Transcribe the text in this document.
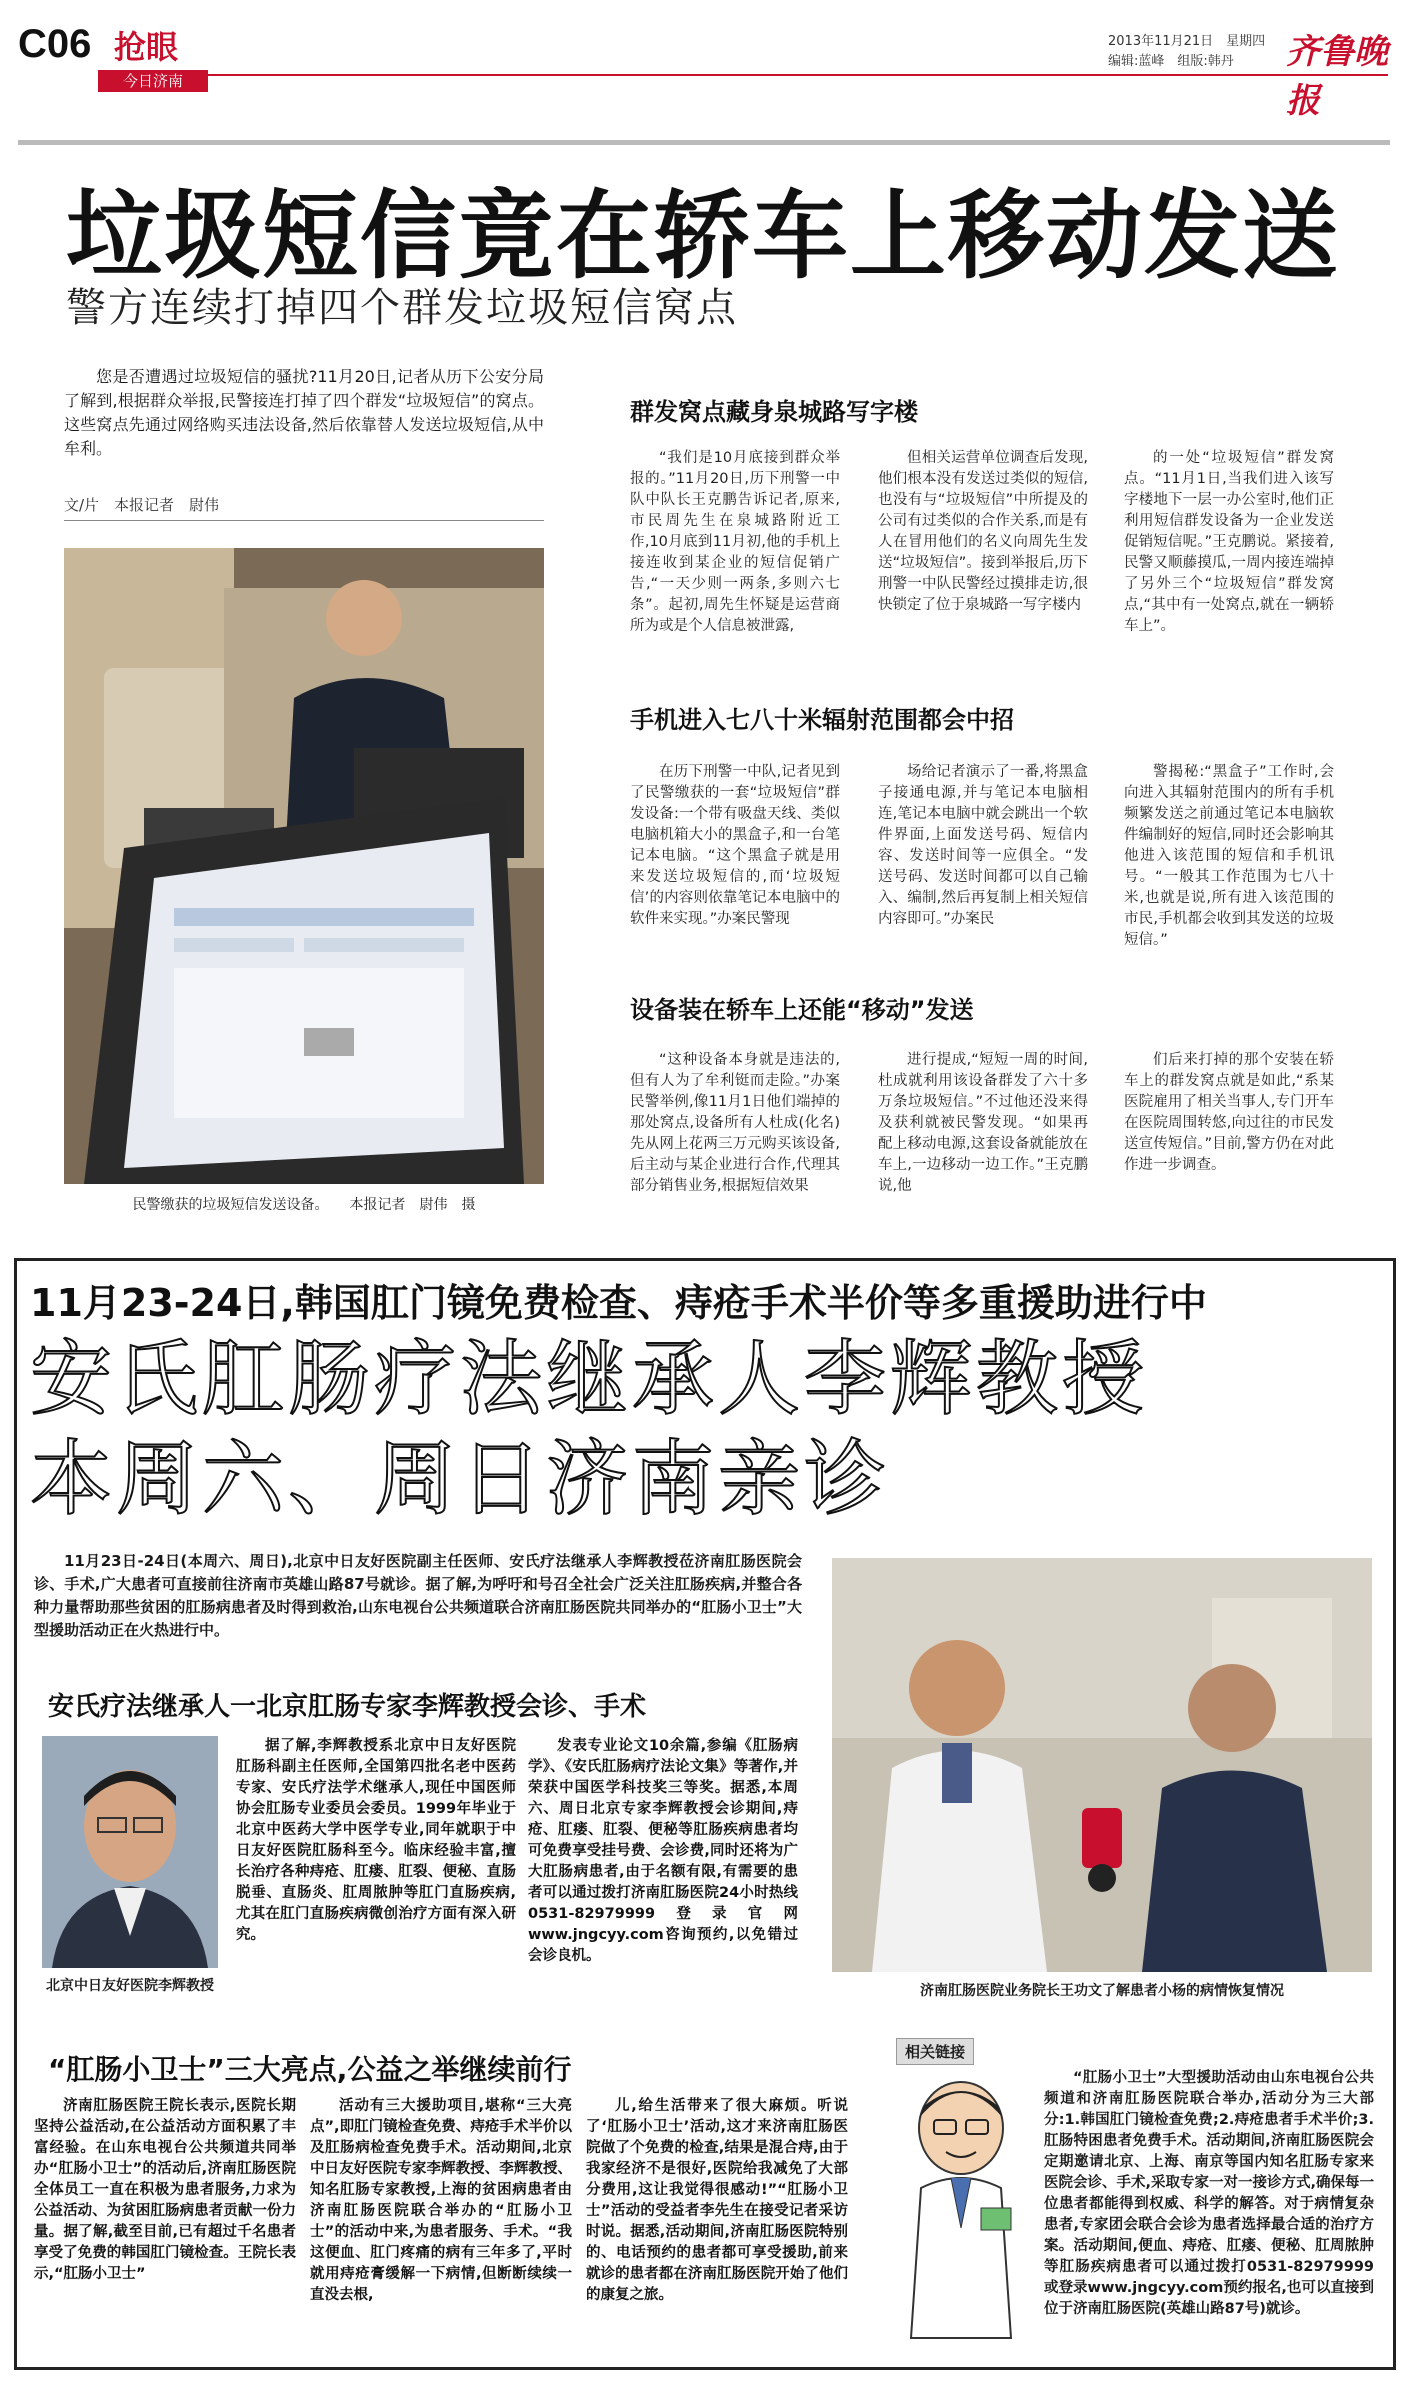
C06 抢眼	2013年11月21日　星期四
编辑:蓝峰　组版:韩丹	齐鲁晚报
今日济南
垃圾短信竟在轿车上移动发送
警方连续打掉四个群发垃圾短信窝点
您是否遭遇过垃圾短信的骚扰?11月20日,记者从历下公安分局了解到,根据群众举报,民警接连打掉了四个群发“垃圾短信”的窝点。这些窝点先通过网络购买违法设备,然后依靠替人发送垃圾短信,从中牟利。
文/片　本报记者　尉伟
民警缴获的垃圾短信发送设备。　　本报记者　尉伟　摄
群发窝点藏身泉城路写字楼

“我们是10月底接到群众举报的。”11月20日,历下刑警一中队中队长王克鹏告诉记者,原来,市民周先生在泉城路附近工作,10月底到11月初,他的手机上接连收到某企业的短信促销广告,“一天少则一两条,多则六七条”。起初,周先生怀疑是运营商所为或是个人信息被泄露,

但相关运营单位调查后发现,他们根本没有发送过类似的短信,也没有与“垃圾短信”中所提及的公司有过类似的合作关系,而是有人在冒用他们的名义向周先生发送“垃圾短信”。接到举报后,历下刑警一中队民警经过摸排走访,很快锁定了位于泉城路一写字楼内

的一处“垃圾短信”群发窝点。“11月1日,当我们进入该写字楼地下一层一办公室时,他们正利用短信群发设备为一企业发送促销短信呢。”王克鹏说。紧接着,民警又顺藤摸瓜,一周内接连端掉了另外三个“垃圾短信”群发窝点,“其中有一处窝点,就在一辆轿车上”。

手机进入七八十米辐射范围都会中招

在历下刑警一中队,记者见到了民警缴获的一套“垃圾短信”群发设备:一个带有吸盘天线、类似电脑机箱大小的黑盒子,和一台笔记本电脑。“这个黑盒子就是用来发送垃圾短信的,而‘垃圾短信’的内容则依靠笔记本电脑中的软件来实现。”办案民警现

场给记者演示了一番,将黑盒子接通电源,并与笔记本电脑相连,笔记本电脑中就会跳出一个软件界面,上面发送号码、短信内容、发送时间等一应俱全。“发送号码、发送时间都可以自己输入、编制,然后再复制上相关短信内容即可。”办案民

警揭秘:“黑盒子”工作时,会向进入其辐射范围内的所有手机频繁发送之前通过笔记本电脑软件编制好的短信,同时还会影响其他进入该范围的短信和手机讯号。“一般其工作范围为七八十米,也就是说,所有进入该范围的市民,手机都会收到其发送的垃圾短信。”

设备装在轿车上还能“移动”发送

“这种设备本身就是违法的,但有人为了牟利铤而走险。”办案民警举例,像11月1日他们端掉的那处窝点,设备所有人杜成(化名)先从网上花两三万元购买该设备,后主动与某企业进行合作,代理其部分销售业务,根据短信效果

进行提成,“短短一周的时间,杜成就利用该设备群发了六十多万条垃圾短信。”不过他还没来得及获利就被民警发现。“如果再配上移动电源,这套设备就能放在车上,一边移动一边工作。”王克鹏说,他

们后来打掉的那个安装在轿车上的群发窝点就是如此,“系某医院雇用了相关当事人,专门开车在医院周围转悠,向过往的市民发送宣传短信。”目前,警方仍在对此作进一步调查。

11月23-24日,韩国肛门镜免费检查、痔疮手术半价等多重援助进行中
安氏肛肠疗法继承人李辉教授
本周六、周日济南亲诊
11月23日-24日(本周六、周日),北京中日友好医院副主任医师、安氏疗法继承人李辉教授莅济南肛肠医院会诊、手术,广大患者可直接前往济南市英雄山路87号就诊。据了解,为呼吁和号召全社会广泛关注肛肠疾病,并整合各种力量帮助那些贫困的肛肠病患者及时得到救治,山东电视台公共频道联合济南肛肠医院共同举办的“肛肠小卫士”大型援助活动正在火热进行中。
济南肛肠医院业务院长王功文了解患者小杨的病情恢复情况
安氏疗法继承人一北京肛肠专家李辉教授会诊、手术
北京中日友好医院李辉教授

据了解,李辉教授系北京中日友好医院肛肠科副主任医师,全国第四批名老中医药专家、安氏疗法学术继承人,现任中国医师协会肛肠专业委员会委员。1999年毕业于北京中医药大学中医学专业,同年就职于中日友好医院肛肠科至今。临床经验丰富,擅长治疗各种痔疮、肛瘘、肛裂、便秘、直肠脱垂、直肠炎、肛周脓肿等肛门直肠疾病,尤其在肛门直肠疾病微创治疗方面有深入研究。

发表专业论文10余篇,参编《肛肠病学》、《安氏肛肠病疗法论文集》等著作,并荣获中国医学科技奖三等奖。据悉,本周六、周日北京专家李辉教授会诊期间,痔疮、肛瘘、肛裂、便秘等肛肠疾病患者均可免费享受挂号费、会诊费,同时还将为广大肛肠病患者,由于名额有限,有需要的患者可以通过拨打济南肛肠医院24小时热线0531-82979999登录官网www.jngcyy.com咨询预约,以免错过会诊良机。

“肛肠小卫士”三大亮点,公益之举继续前行

济南肛肠医院王院长表示,医院长期坚持公益活动,在公益活动方面积累了丰富经验。在山东电视台公共频道共同举办“肛肠小卫士”的活动后,济南肛肠医院全体员工一直在积极为患者服务,力求为公益活动、为贫困肛肠病患者贡献一份力量。据了解,截至目前,已有超过千名患者享受了免费的韩国肛门镜检查。王院长表示,“肛肠小卫士”

活动有三大援助项目,堪称“三大亮点”,即肛门镜检查免费、痔疮手术半价以及肛肠病检查免费手术。活动期间,北京中日友好医院专家李辉教授、李辉教授、知名肛肠专家教授,上海的贫困病患者由济南肛肠医院联合举办的“肛肠小卫士”的活动中来,为患者服务、手术。“我这便血、肛门疼痛的病有三年多了,平时就用痔疮膏缓解一下病情,但断断续续一直没去根,

儿,给生活带来了很大麻烦。听说了‘肛肠小卫士’活动,这才来济南肛肠医院做了个免费的检查,结果是混合痔,由于我家经济不是很好,医院给我减免了大部分费用,这让我觉得很感动!”“肛肠小卫士”活动的受益者李先生在接受记者采访时说。据悉,活动期间,济南肛肠医院特别的、电话预约的患者都可享受援助,前来就诊的患者都在济南肛肠医院开始了他们的康复之旅。

相关链接
“肛肠小卫士”大型援助活动由山东电视台公共频道和济南肛肠医院联合举办,活动分为三大部分:1.韩国肛门镜检查免费;2.痔疮患者手术半价;3.肛肠特困患者免费手术。活动期间,济南肛肠医院会定期邀请北京、上海、南京等国内知名肛肠专家来医院会诊、手术,采取专家一对一接诊方式,确保每一位患者都能得到权威、科学的解答。对于病情复杂患者,专家团会联合会诊为患者选择最合适的治疗方案。活动期间,便血、痔疮、肛瘘、便秘、肛周脓肿等肛肠疾病患者可以通过拨打0531-82979999或登录www.jngcyy.com预约报名,也可以直接到位于济南肛肠医院(英雄山路87号)就诊。
